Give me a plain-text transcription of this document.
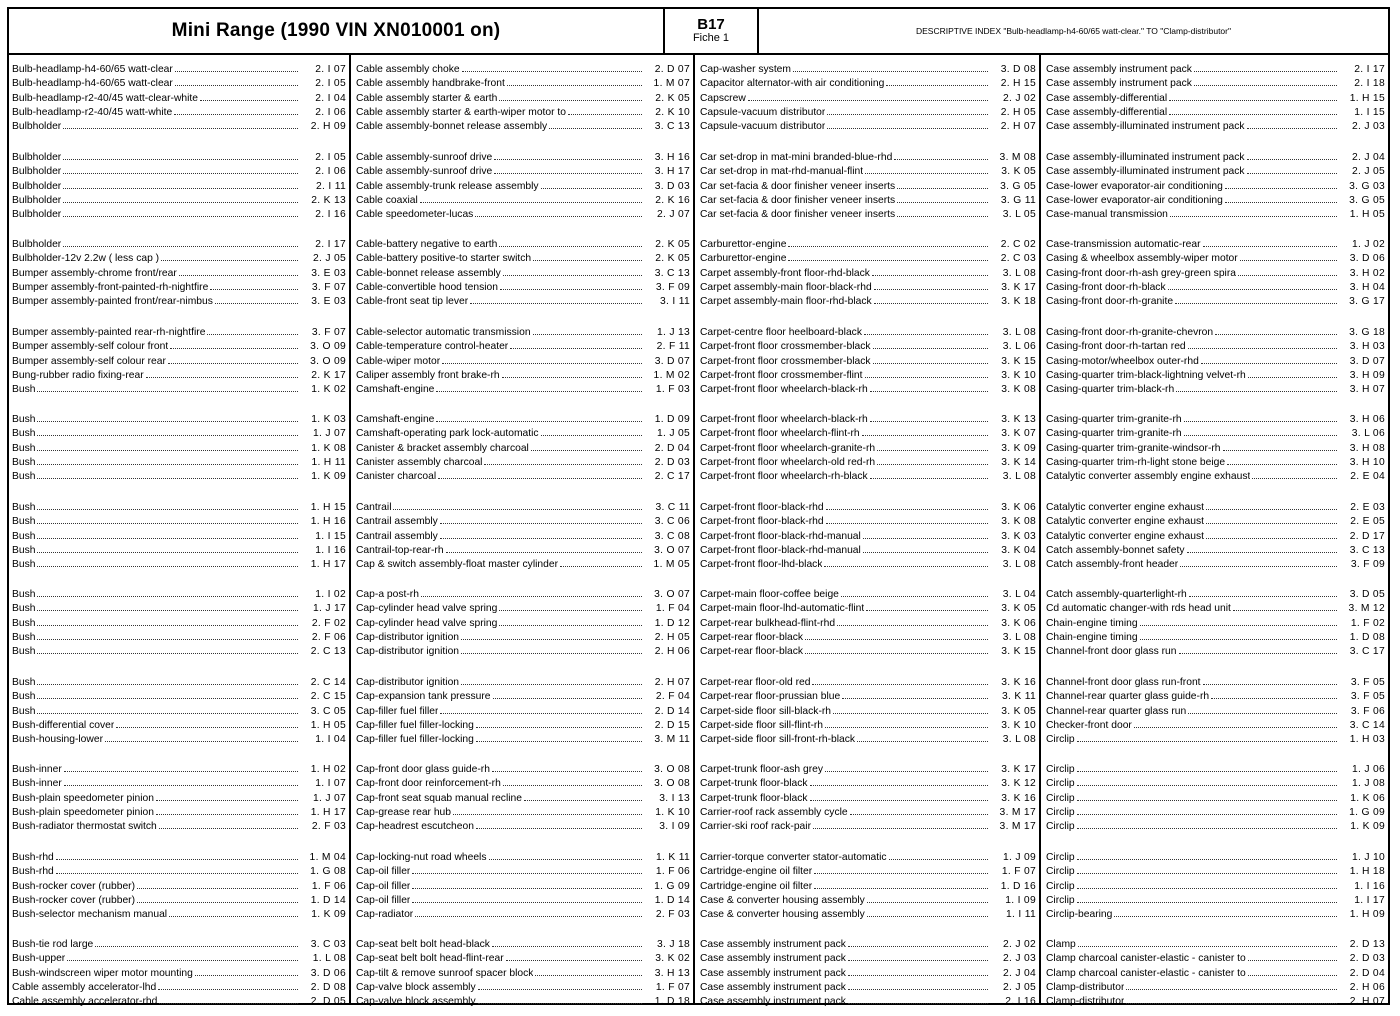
Mini Range (1990 VIN XN010001 on)	B17
Fiche 1
DESCRIPTIVE INDEX "Bulb-headlamp-h4-60/65 watt-clear." TO "Clamp-distributor"
Bulb-headlamp-h4-60/65 watt-clear	2. I 07
Bulb-headlamp-h4-60/65 watt-clear	2. I 05
Bulb-headlamp-r2-40/45 watt-clear-white	2. I 04
Bulb-headlamp-r2-40/45 watt-white	2. I 06
Bulbholder	2. H 09
Bulbholder	2. I 05
Bulbholder	2. I 06
Bulbholder	2. I 11
Bulbholder	2. K 13
Bulbholder	2. I 16
Bulbholder	2. I 17
Bulbholder-12v 2.2w ( less cap )	2. J 05
Bumper assembly-chrome front/rear	3. E 03
Bumper assembly-front-painted-rh-nightfire	3. F 07
Bumper assembly-painted front/rear-nimbus	3. E 03
Bumper assembly-painted rear-rh-nightfire	3. F 07
Bumper assembly-self colour front	3. O 09
Bumper assembly-self colour rear	3. O 09
Bung-rubber radio fixing-rear	2. K 17
Bush	1. K 02
Bush	1. K 03
Bush	1. J 07
Bush	1. K 08
Bush	1. H 11
Bush	1. K 09
Bush	1. H 15
Bush	1. H 16
Bush	1. I 15
Bush	1. I 16
Bush	1. H 17
Bush	1. I 02
Bush	1. J 17
Bush	2. F 02
Bush	2. F 06
Bush	2. C 13
Bush	2. C 14
Bush	2. C 15
Bush	3. C 05
Bush-differential cover	1. H 05
Bush-housing-lower	1. I 04
Bush-inner	1. H 02
Bush-inner	1. I 07
Bush-plain speedometer pinion	1. J 07
Bush-plain speedometer pinion	1. H 17
Bush-radiator thermostat switch	2. F 03
Bush-rhd	1. M 04
Bush-rhd	1. G 08
Bush-rocker cover (rubber)	1. F 06
Bush-rocker cover (rubber)	1. D 14
Bush-selector mechanism manual	1. K 09
Bush-tie rod large	3. C 03
Bush-upper	1. L 08
Bush-windscreen wiper motor mounting	3. D 06
Cable assembly accelerator-lhd	2. D 08
Cable assembly accelerator-rhd	2. D 05
Cable assembly choke	2. D 07
Cable assembly handbrake-front	1. M 07
Cable assembly starter & earth	2. K 05
Cable assembly starter & earth-wiper motor to	2. K 10
Cable assembly-bonnet release assembly	3. C 13
Cable assembly-sunroof drive	3. H 16
Cable assembly-sunroof drive	3. H 17
Cable assembly-trunk release assembly	3. D 03
Cable coaxial	2. K 16
Cable speedometer-lucas	2. J 07
Cable-battery negative to earth	2. K 05
Cable-battery positive-to starter switch	2. K 05
Cable-bonnet release assembly	3. C 13
Cable-convertible hood tension	3. F 09
Cable-front seat tip lever	3. I 11
Cable-selector automatic transmission	1. J 13
Cable-temperature control-heater	2. F 11
Cable-wiper motor	3. D 07
Caliper assembly front brake-rh	1. M 02
Camshaft-engine	1. F 03
Camshaft-engine	1. D 09
Camshaft-operating park lock-automatic	1. J 05
Canister & bracket assembly charcoal	2. D 04
Canister assembly charcoal	2. D 03
Canister charcoal	2. C 17
Cantrail	3. C 11
Cantrail assembly	3. C 06
Cantrail assembly	3. C 08
Cantrail-top-rear-rh	3. O 07
Cap & switch assembly-float master cylinder	1. M 05
Cap-a post-rh	3. O 07
Cap-cylinder head valve spring	1. F 04
Cap-cylinder head valve spring	1. D 12
Cap-distributor ignition	2. H 05
Cap-distributor ignition	2. H 06
Cap-distributor ignition	2. H 07
Cap-expansion tank pressure	2. F 04
Cap-filler fuel filler	2. D 14
Cap-filler fuel filler-locking	2. D 15
Cap-filler fuel filler-locking	3. M 11
Cap-front door glass guide-rh	3. O 08
Cap-front door reinforcement-rh	3. O 08
Cap-front seat squab manual recline	3. I 13
Cap-grease rear hub	1. K 10
Cap-headrest escutcheon	3. I 09
Cap-locking-nut road wheels	1. K 11
Cap-oil filler	1. F 06
Cap-oil filler	1. G 09
Cap-oil filler	1. D 14
Cap-radiator	2. F 03
Cap-seat belt bolt head-black	3. J 18
Cap-seat belt bolt head-flint-rear	3. K 02
Cap-tilt & remove sunroof spacer block	3. H 13
Cap-valve block assembly	1. F 07
Cap-valve block assembly	1. D 18
Cap-washer system	3. D 08
Capacitor alternator-with air conditioning	2. H 15
Capscrew	2. J 02
Capsule-vacuum distributor	2. H 05
Capsule-vacuum distributor	2. H 07
Car set-drop in mat-mini branded-blue-rhd	3. M 08
Car set-drop in mat-rhd-manual-flint	3. K 05
Car set-facia & door finisher veneer inserts	3. G 05
Car set-facia & door finisher veneer inserts	3. G 11
Car set-facia & door finisher veneer inserts	3. L 05
Carburettor-engine	2. C 02
Carburettor-engine	2. C 03
Carpet assembly-front floor-rhd-black	3. L 08
Carpet assembly-main floor-black-rhd	3. K 17
Carpet assembly-main floor-rhd-black	3. K 18
Carpet-centre floor heelboard-black	3. L 08
Carpet-front floor crossmember-black	3. L 06
Carpet-front floor crossmember-black	3. K 15
Carpet-front floor crossmember-flint	3. K 10
Carpet-front floor wheelarch-black-rh	3. K 08
Carpet-front floor wheelarch-black-rh	3. K 13
Carpet-front floor wheelarch-flint-rh	3. K 07
Carpet-front floor wheelarch-granite-rh	3. K 09
Carpet-front floor wheelarch-old red-rh	3. K 14
Carpet-front floor wheelarch-rh-black	3. L 08
Carpet-front floor-black-rhd	3. K 06
Carpet-front floor-black-rhd	3. K 08
Carpet-front floor-black-rhd-manual	3. K 03
Carpet-front floor-black-rhd-manual	3. K 04
Carpet-front floor-lhd-black	3. L 08
Carpet-main floor-coffee beige	3. L 04
Carpet-main floor-lhd-automatic-flint	3. K 05
Carpet-rear bulkhead-flint-rhd	3. K 06
Carpet-rear floor-black	3. L 08
Carpet-rear floor-black	3. K 15
Carpet-rear floor-old red	3. K 16
Carpet-rear floor-prussian blue	3. K 11
Carpet-side floor sill-black-rh	3. K 05
Carpet-side floor sill-flint-rh	3. K 10
Carpet-side floor sill-front-rh-black	3. L 08
Carpet-trunk floor-ash grey	3. K 17
Carpet-trunk floor-black	3. K 12
Carpet-trunk floor-black	3. K 16
Carrier-roof rack assembly cycle	3. M 17
Carrier-ski roof rack-pair	3. M 17
Carrier-torque converter stator-automatic	1. J 09
Cartridge-engine oil filter	1. F 07
Cartridge-engine oil filter	1. D 16
Case & converter housing assembly	1. I 09
Case & converter housing assembly	1. I 11
Case assembly instrument pack	2. J 02
Case assembly instrument pack	2. J 03
Case assembly instrument pack	2. J 04
Case assembly instrument pack	2. J 05
Case assembly instrument pack	2. I 16
Case assembly instrument pack	2. I 17
Case assembly instrument pack	2. I 18
Case assembly-differential	1. H 15
Case assembly-differential	1. I 15
Case assembly-illuminated instrument pack	2. J 03
Case assembly-illuminated instrument pack	2. J 04
Case assembly-illuminated instrument pack	2. J 05
Case-lower evaporator-air conditioning	3. G 03
Case-lower evaporator-air conditioning	3. G 05
Case-manual transmission	1. H 05
Case-transmission automatic-rear	1. J 02
Casing & wheelbox assembly-wiper motor	3. D 06
Casing-front door-rh-ash grey-green spira	3. H 02
Casing-front door-rh-black	3. H 04
Casing-front door-rh-granite	3. G 17
Casing-front door-rh-granite-chevron	3. G 18
Casing-front door-rh-tartan red	3. H 03
Casing-motor/wheelbox outer-rhd	3. D 07
Casing-quarter trim-black-lightning velvet-rh	3. H 09
Casing-quarter trim-black-rh	3. H 07
Casing-quarter trim-granite-rh	3. H 06
Casing-quarter trim-granite-rh	3. L 06
Casing-quarter trim-granite-windsor-rh	3. H 08
Casing-quarter trim-rh-light stone beige	3. H 10
Catalytic converter assembly engine exhaust	2. E 04
Catalytic converter engine exhaust	2. E 03
Catalytic converter engine exhaust	2. E 05
Catalytic converter engine exhaust	2. D 17
Catch assembly-bonnet safety	3. C 13
Catch assembly-front header	3. F 09
Catch assembly-quarterlight-rh	3. D 05
Cd automatic changer-with rds head unit	3. M 12
Chain-engine timing	1. F 02
Chain-engine timing	1. D 08
Channel-front door glass run	3. C 17
Channel-front door glass run-front	3. F 05
Channel-rear quarter glass guide-rh	3. F 05
Channel-rear quarter glass run	3. F 06
Checker-front door	3. C 14
Circlip	1. H 03
Circlip	1. J 06
Circlip	1. J 08
Circlip	1. K 06
Circlip	1. G 09
Circlip	1. K 09
Circlip	1. J 10
Circlip	1. H 18
Circlip	1. I 16
Circlip	1. I 17
Circlip-bearing	1. H 09
Clamp	2. D 13
Clamp charcoal canister-elastic - canister to	2. D 03
Clamp charcoal canister-elastic - canister to	2. D 04
Clamp-distributor	2. H 06
Clamp-distributor	2. H 07
